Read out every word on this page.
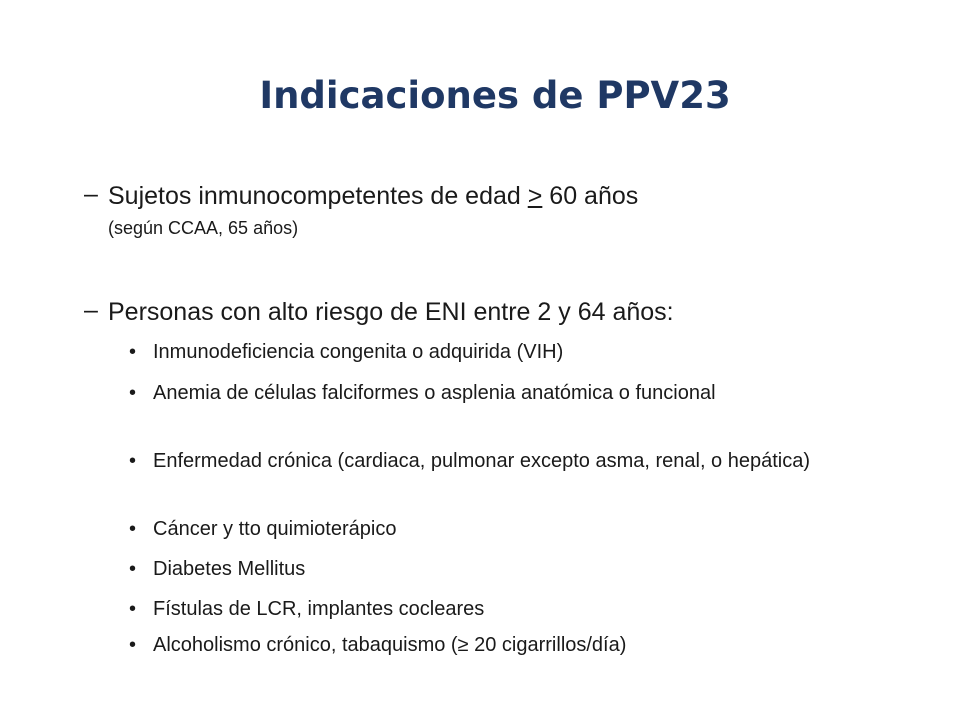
Indicaciones de PPV23
– Sujetos inmunocompetentes de edad ≥ 60 años
(según CCAA, 65 años)
– Personas con alto riesgo de ENI entre 2 y 64 años:
• Inmunodeficiencia congenita o adquirida (VIH)
• Anemia de células falciformes o asplenia anatómica o funcional
• Enfermedad crónica (cardiaca, pulmonar excepto asma, renal, o hepática)
• Cáncer y tto quimioterápico
• Diabetes Mellitus
• Fístulas de LCR, implantes cocleares
• Alcoholismo crónico, tabaquismo (≥ 20 cigarrillos/día)
